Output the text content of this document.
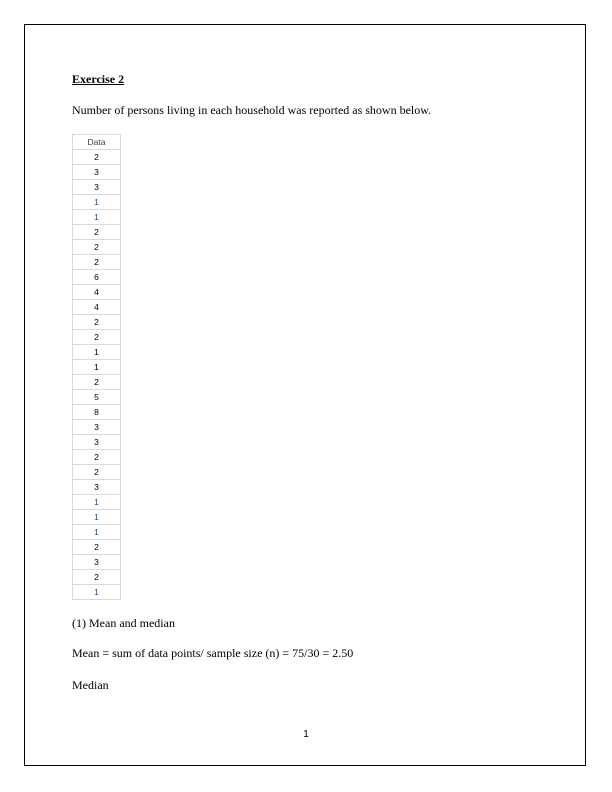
Exercise 2

Number of persons living in each household was reported as shown below.

Data
2
3
3
1
1
2
2
2
6
4
4
2
2
1
1
2
5
8
3
3
2
2
3
1
1
1
2
3
2
1

(1) Mean and median

Mean = sum of data points/ sample size (n) = 75/30 = 2.50

Median

1
